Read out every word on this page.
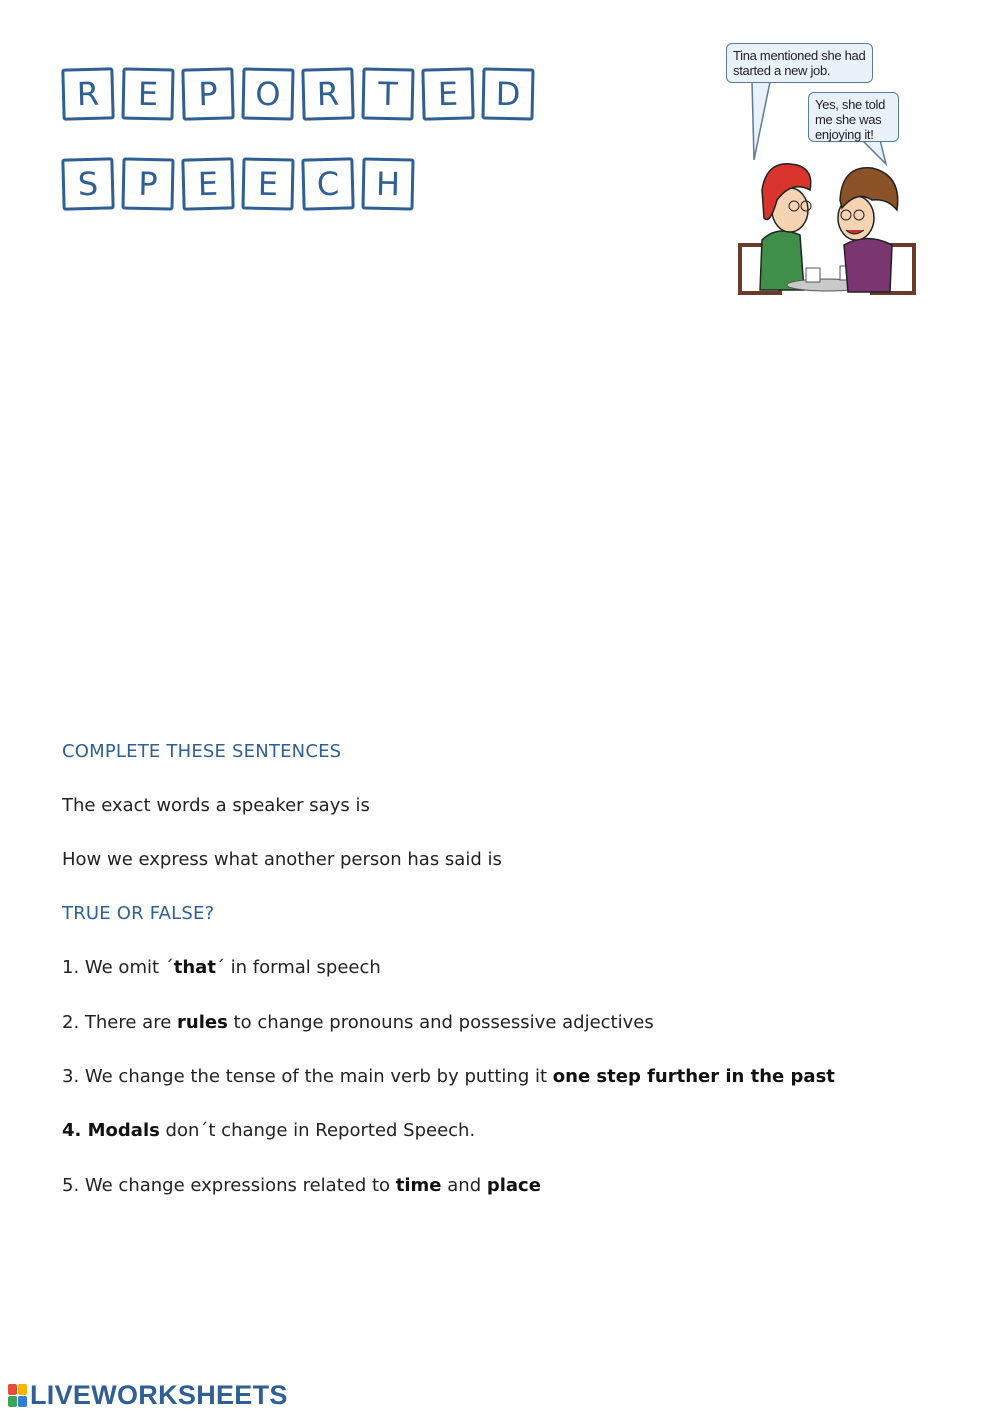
R	E	P	O	R	T	E	D
S	P	E	E	C	H
Tina mentioned she had started a new job.
Yes, she told me she was enjoying it!
COMPLETE THESE SENTENCES
The exact words a speaker says is
How we express what another person has said is
TRUE OR FALSE?
1. We omit ´that´ in formal speech
2. There are rules to change pronouns and possessive adjectives
3. We change the tense of the main verb by putting it one step further in the past
4. Modals don´t change in Reported Speech.
5. We change expressions related to time and place
LIVEWORKSHEETS
